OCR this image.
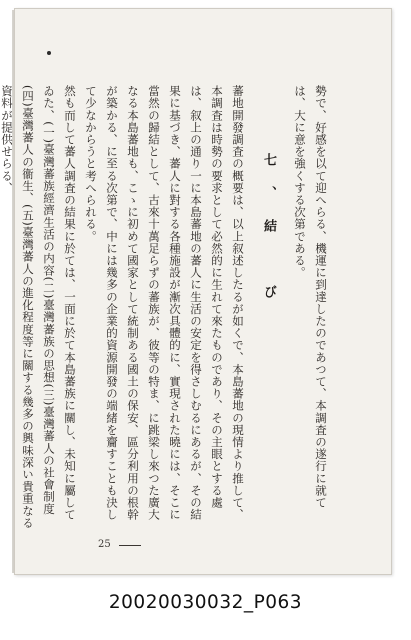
勢で、好感を以て迎へらる、機運に到達したのであつて、本調査の遂行に就ては、大に意を強くする次第である。

七、結　び

蕃地開發調査の概要は、以上叙述したるが如くで、本島蕃地の現情より推して、本調査は時勢の要求として必然的に生れて來たものであり、その主眼とする處は、叙上の通り一に本島蕃地の蕃人に生活の安定を得さしむるにあるが、その結果に基づき、蕃人に對する各種施設が漸次具體的に、實現された曉には、そこに當然の歸結として、古來十萬足らずの蕃族が、彼等の特ま、に跳梁し來つた廣大なる本島蕃地も、こゝに初めて國家として統制ある國土の保安、區分利用の根幹が築かる、に至る次第で、中には幾多の企業的資源開發の端緒を齎すことも決して少なからうと考へられる。

然も而して蕃人調査の結果に於ては、一面に於て本島蕃族に關し、未知に屬してゐた、(一)臺灣蕃族經濟生活の内容(二)臺灣蕃族の思想(三)臺灣蕃人の社會制度(四)臺灣蕃人の衞生、(五)臺灣蕃人の進化程度等に關する幾多の興味深い貴重なる資料が提供せらる、

25
20020030032_P063
